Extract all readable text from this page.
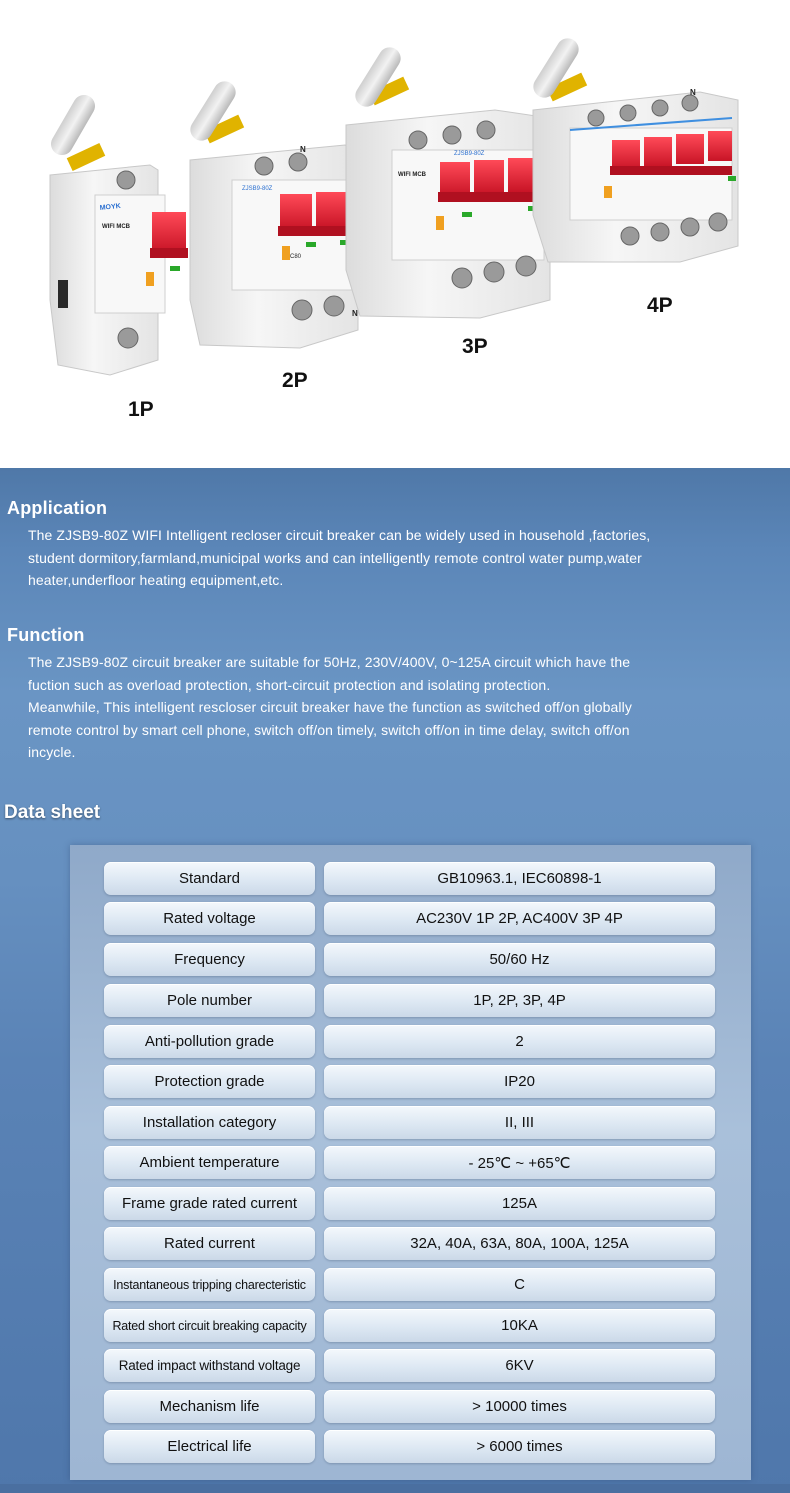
MOYK
WIFI MCB
ZJSB9-80Z
ZJSB9-80Z
WIFI MCB
C80
N
N
N
1P
2P
3P
4P
Application
The ZJSB9-80Z WIFI Intelligent recloser circuit breaker can be widely used in household ,factories,
student dormitory,farmland,municipal works and can intelligently remote control water pump,water
heater,underfloor heating equipment,etc.
Function
The ZJSB9-80Z circuit breaker are suitable for 50Hz, 230V/400V, 0~125A circuit which have the
fuction such as overload protection, short-circuit protection and isolating protection.
Meanwhile, This intelligent rescloser circuit breaker have the function as switched off/on globally
remote control by smart cell phone, switch off/on timely, switch off/on in time delay, switch off/on
incycle.
Data sheet
Standard	GB10963.1, IEC60898-1
Rated voltage	AC230V 1P 2P, AC400V 3P 4P
Frequency	50/60 Hz
Pole number	1P, 2P, 3P, 4P
Anti-pollution grade	2
Protection grade	IP20
Installation category	II, III
Ambient temperature	- 25℃ ~ +65℃
Frame grade rated current	125A
Rated current	32A, 40A, 63A, 80A, 100A, 125A
Instantaneous tripping charecteristic	C
Rated short circuit breaking capacity	10KA
Rated impact withstand voltage	6KV
Mechanism life	> 10000 times
Electrical life	> 6000 times
